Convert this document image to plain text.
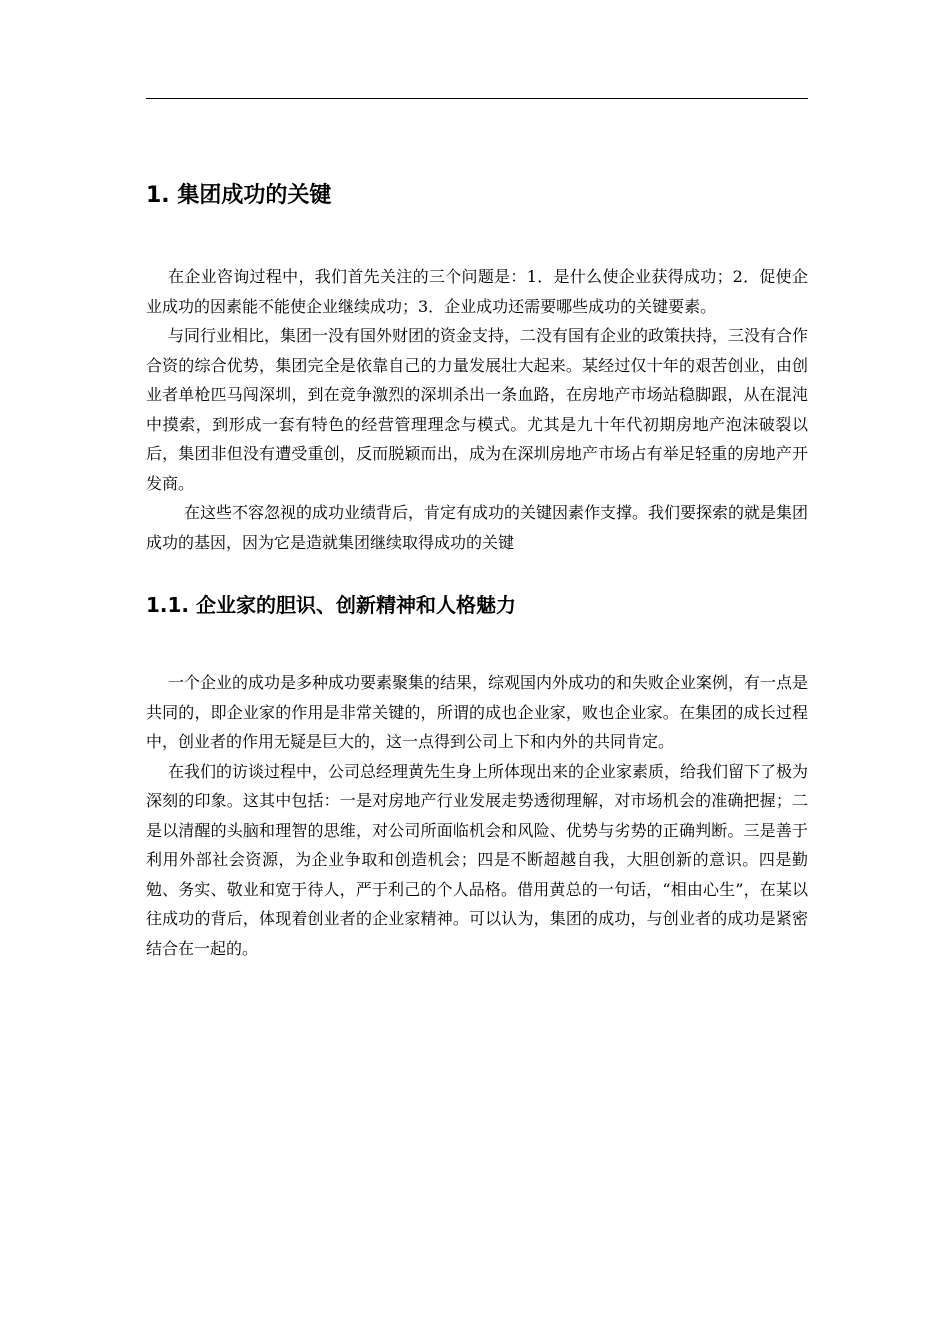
1. 集团成功的关键

在企业咨询过程中，我们首先关注的三个问题是：1．是什么使企业获得成功；2．促使企业成功的因素能不能使企业继续成功；3．企业成功还需要哪些成功的关键要素。

与同行业相比，集团一没有国外财团的资金支持，二没有国有企业的政策扶持，三没有合作合资的综合优势，集团完全是依靠自己的力量发展壮大起来。某经过仅十年的艰苦创业，由创业者单枪匹马闯深圳，到在竞争激烈的深圳杀出一条血路，在房地产市场站稳脚跟，从在混沌中摸索，到形成一套有特色的经营管理理念与模式。尤其是九十年代初期房地产泡沫破裂以后，集团非但没有遭受重创，反而脱颖而出，成为在深圳房地产市场占有举足轻重的房地产开发商。

在这些不容忽视的成功业绩背后，肯定有成功的关键因素作支撑。我们要探索的就是集团成功的基因，因为它是造就集团继续取得成功的关键

1.1. 企业家的胆识、创新精神和人格魅力

一个企业的成功是多种成功要素聚集的结果，综观国内外成功的和失败企业案例，有一点是共同的，即企业家的作用是非常关键的，所谓的成也企业家，败也企业家。在集团的成长过程中，创业者的作用无疑是巨大的，这一点得到公司上下和内外的共同肯定。

在我们的访谈过程中，公司总经理黄先生身上所体现出来的企业家素质，给我们留下了极为深刻的印象。这其中包括：一是对房地产行业发展走势透彻理解，对市场机会的准确把握；二是以清醒的头脑和理智的思维，对公司所面临机会和风险、优势与劣势的正确判断。三是善于利用外部社会资源，为企业争取和创造机会；四是不断超越自我，大胆创新的意识。四是勤勉、务实、敬业和宽于待人，严于利己的个人品格。借用黄总的一句话，“相由心生”，在某以往成功的背后，体现着创业者的企业家精神。可以认为，集团的成功，与创业者的成功是紧密结合在一起的。
